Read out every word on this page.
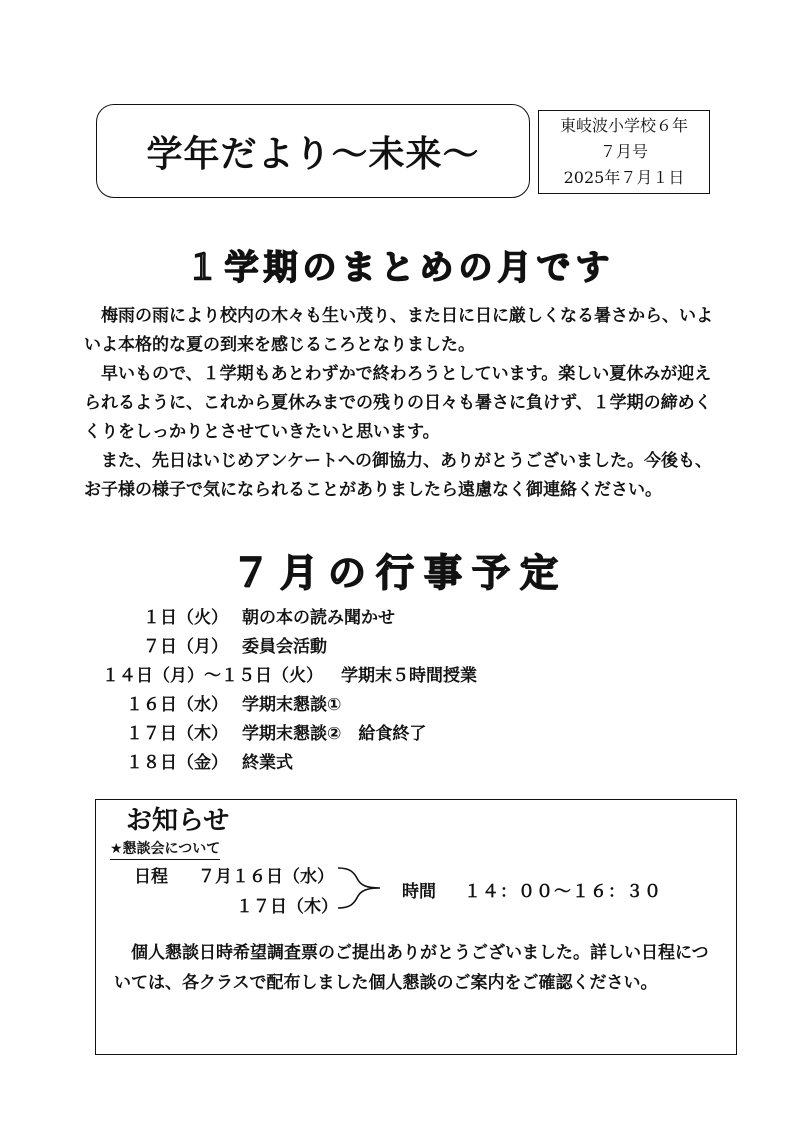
学年だより～未来～
東岐波小学校６年
７月号
2025年７月１日
１学期のまとめの月です

梅雨の雨により校内の木々も生い茂り、また日に日に厳しくなる暑さから、いよいよ本格的な夏の到来を感じるころとなりました。

早いもので、１学期もあとわずかで終わろうとしています。楽しい夏休みが迎えられるように、これから夏休みまでの残りの日々も暑さに負けず、１学期の締めくくりをしっかりとさせていきたいと思います。

また、先日はいじめアンケートへの御協力、ありがとうございました。今後も、お子様の様子で気になられることがありましたら遠慮なく御連絡ください。

７月の行事予定
１日（火） 朝の本の読み聞かせ
７日（月） 委員会活動
１４日（月）～１５日（火）	学期末５時間授業
１６日（水） 学期末懇談①
１７日（木） 学期末懇談②　給食終了
１８日（金） 終業式
お知らせ
★懇談会について
日程 ７月１６日（水）
１７日（木）
時間 １４：００～１６：３０

個人懇談日時希望調査票のご提出ありがとうございました。詳しい日程については、各クラスで配布しました個人懇談のご案内をご確認ください。
